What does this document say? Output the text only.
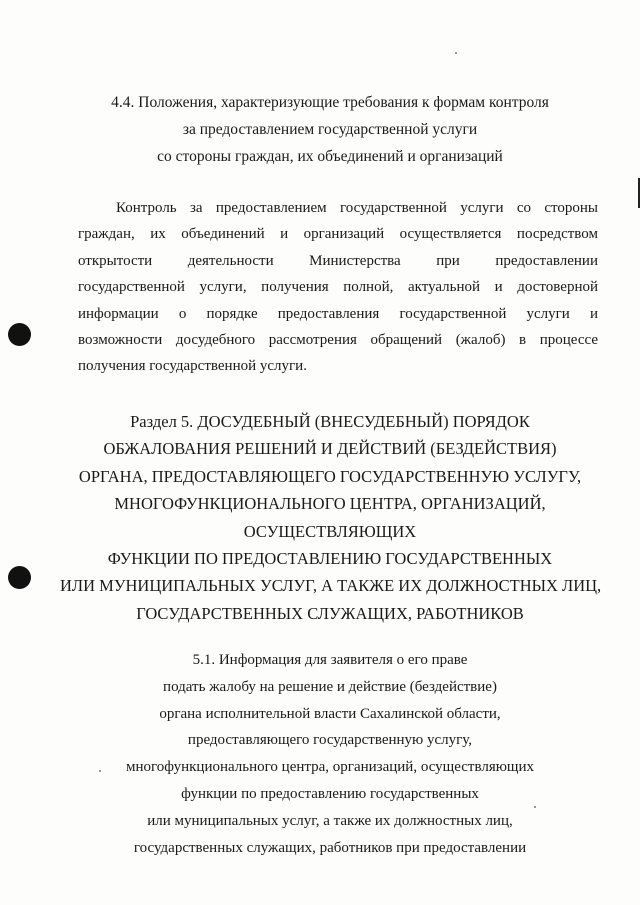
4.4. Положения, характеризующие требования к формам контроля
за предоставлением государственной услуги
со стороны граждан, их объединений и организаций
Контроль за предоставлением государственной услуги со стороны
граждан, их объединений и организаций осуществляется посредством
открытости деятельности Министерства при предоставлении
государственной услуги, получения полной, актуальной и достоверной
информации о порядке предоставления государственной услуги и
возможности досудебного рассмотрения обращений (жалоб) в процессе
получения государственной услуги.
Раздел 5. ДОСУДЕБНЫЙ (ВНЕСУДЕБНЫЙ) ПОРЯДОК
ОБЖАЛОВАНИЯ РЕШЕНИЙ И ДЕЙСТВИЙ (БЕЗДЕЙСТВИЯ)
ОРГАНА, ПРЕДОСТАВЛЯЮЩЕГО ГОСУДАРСТВЕННУЮ УСЛУГУ,
МНОГОФУНКЦИОНАЛЬНОГО ЦЕНТРА, ОРГАНИЗАЦИЙ,
ОСУЩЕСТВЛЯЮЩИХ
ФУНКЦИИ ПО ПРЕДОСТАВЛЕНИЮ ГОСУДАРСТВЕННЫХ
ИЛИ МУНИЦИПАЛЬНЫХ УСЛУГ, А ТАКЖЕ ИХ ДОЛЖНОСТНЫХ ЛИЦ,
ГОСУДАРСТВЕННЫХ СЛУЖАЩИХ, РАБОТНИКОВ
5.1. Информация для заявителя о его праве
подать жалобу на решение и действие (бездействие)
органа исполнительной власти Сахалинской области,
предоставляющего государственную услугу,
многофункционального центра, организаций, осуществляющих
функции по предоставлению государственных
или муниципальных услуг, а также их должностных лиц,
государственных служащих, работников при предоставлении
